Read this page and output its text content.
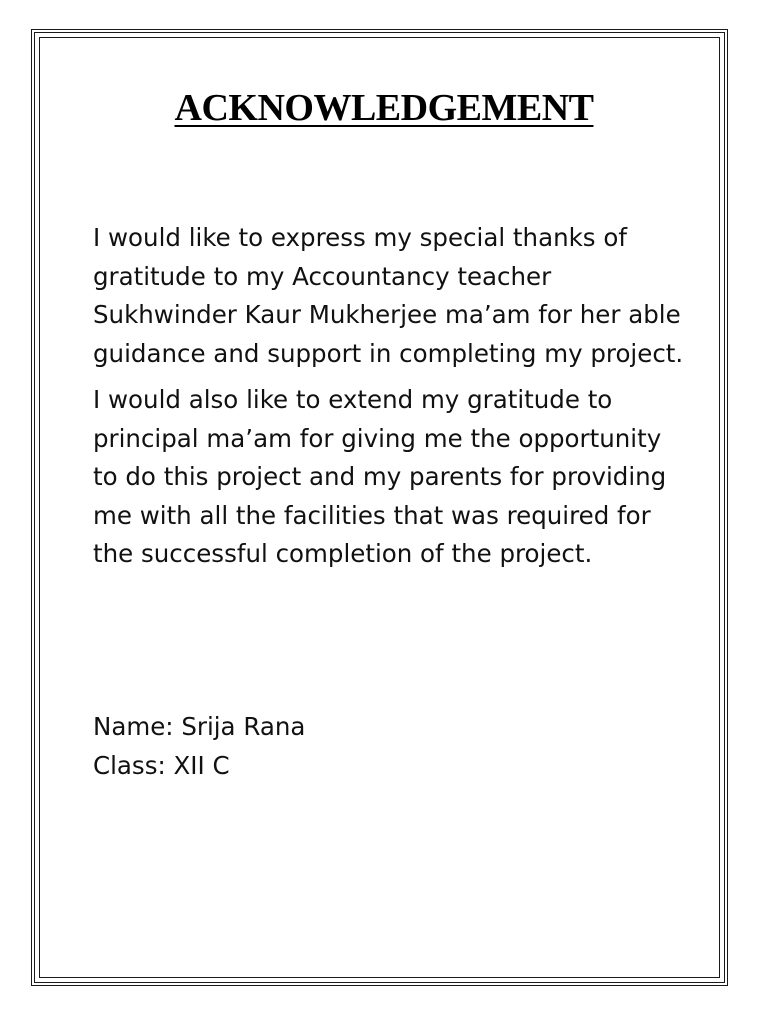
ACKNOWLEDGEMENT

I would like to express my special thanks of gratitude to my Accountancy teacher Sukhwinder Kaur Mukherjee ma’am for her able guidance and support in completing my project.

I would also like to extend my gratitude to principal ma’am for giving me the opportunity to do this project and my parents for providing me with all the facilities that was required for the successful completion of the project.

Name: Srija Rana
Class: XII C
